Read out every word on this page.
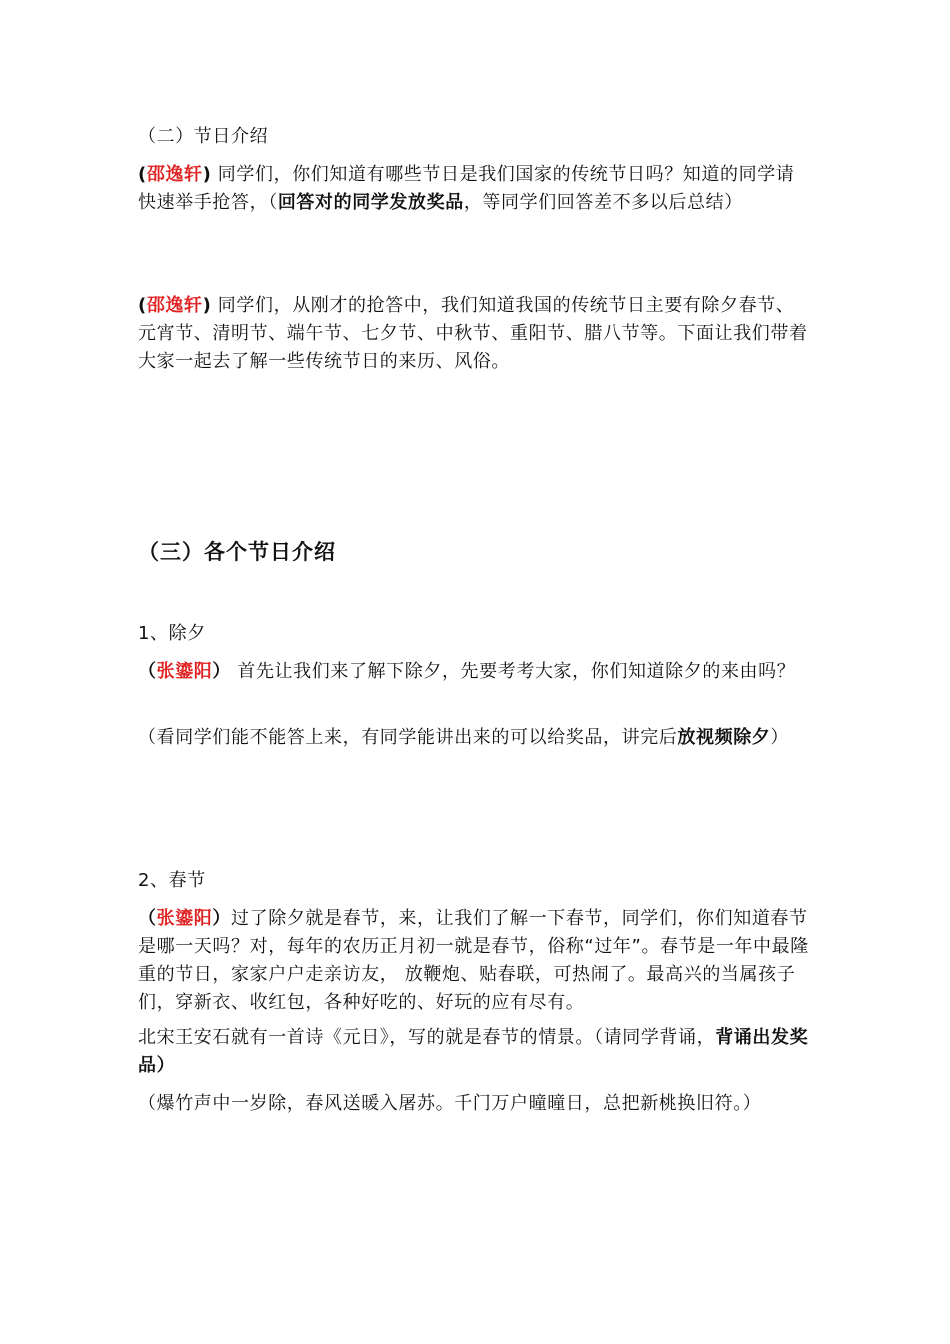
（二）节日介绍
(邵逸轩) 同学们，你们知道有哪些节日是我们国家的传统节日吗？知道的同学请快速举手抢答，（回答对的同学发放奖品，等同学们回答差不多以后总结）
(邵逸轩) 同学们，从刚才的抢答中，我们知道我国的传统节日主要有除夕春节、元宵节、清明节、端午节、七夕节、中秋节、重阳节、腊八节等。下面让我们带着大家一起去了解一些传统节日的来历、风俗。
（三）各个节日介绍
1、除夕
（张鎏阳） 首先让我们来了解下除夕，先要考考大家，你们知道除夕的来由吗？
（看同学们能不能答上来，有同学能讲出来的可以给奖品，讲完后放视频除夕）
2、春节
（张鎏阳）过了除夕就是春节，来，让我们了解一下春节，同学们，你们知道春节是哪一天吗？对，每年的农历正月初一就是春节，俗称“过年”。春节是一年中最隆重的节日，家家户户走亲访友， 放鞭炮、贴春联，可热闹了。最高兴的当属孩子们，穿新衣、收红包，各种好吃的、好玩的应有尽有。
北宋王安石就有一首诗《元日》，写的就是春节的情景。（请同学背诵，背诵出发奖品）
（爆竹声中一岁除，春风送暖入屠苏。千门万户曈曈日，总把新桃换旧符。）
